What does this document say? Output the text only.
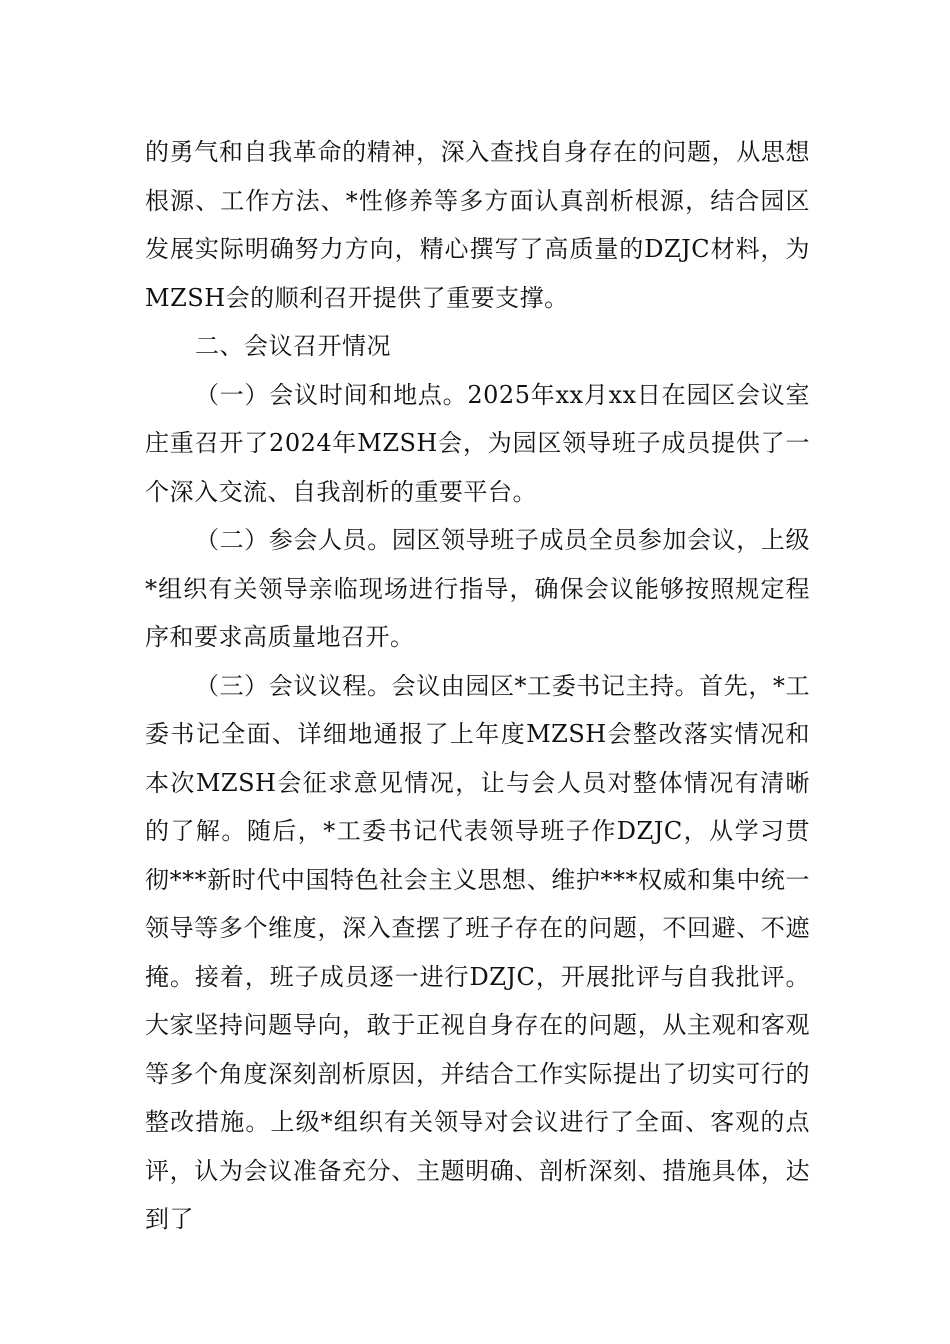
的勇气和自我革命的精神，深入查找自身存在的问题，从思想根源、工作方法、*性修养等多方面认真剖析根源，结合园区发展实际明确努力方向，精心撰写了高质量的DZJC材料，为MZSH会的顺利召开提供了重要支撑。

二、会议召开情况

（一）会议时间和地点。2025年xx月xx日在园区会议室庄重召开了2024年MZSH会，为园区领导班子成员提供了一个深入交流、自我剖析的重要平台。

（二）参会人员。园区领导班子成员全员参加会议，上级*组织有关领导亲临现场进行指导，确保会议能够按照规定程序和要求高质量地召开。

（三）会议议程。会议由园区*工委书记主持。首先，*工委书记全面、详细地通报了上年度MZSH会整改落实情况和本次MZSH会征求意见情况，让与会人员对整体情况有清晰的了解。随后，*工委书记代表领导班子作DZJC，从学习贯彻***新时代中国特色社会主义思想、维护***权威和集中统一领导等多个维度，深入查摆了班子存在的问题，不回避、不遮掩。接着，班子成员逐一进行DZJC，开展批评与自我批评。大家坚持问题导向，敢于正视自身存在的问题，从主观和客观等多个角度深刻剖析原因，并结合工作实际提出了切实可行的整改措施。上级*组织有关领导对会议进行了全面、客观的点评，认为会议准备充分、主题明确、剖析深刻、措施具体，达到了
